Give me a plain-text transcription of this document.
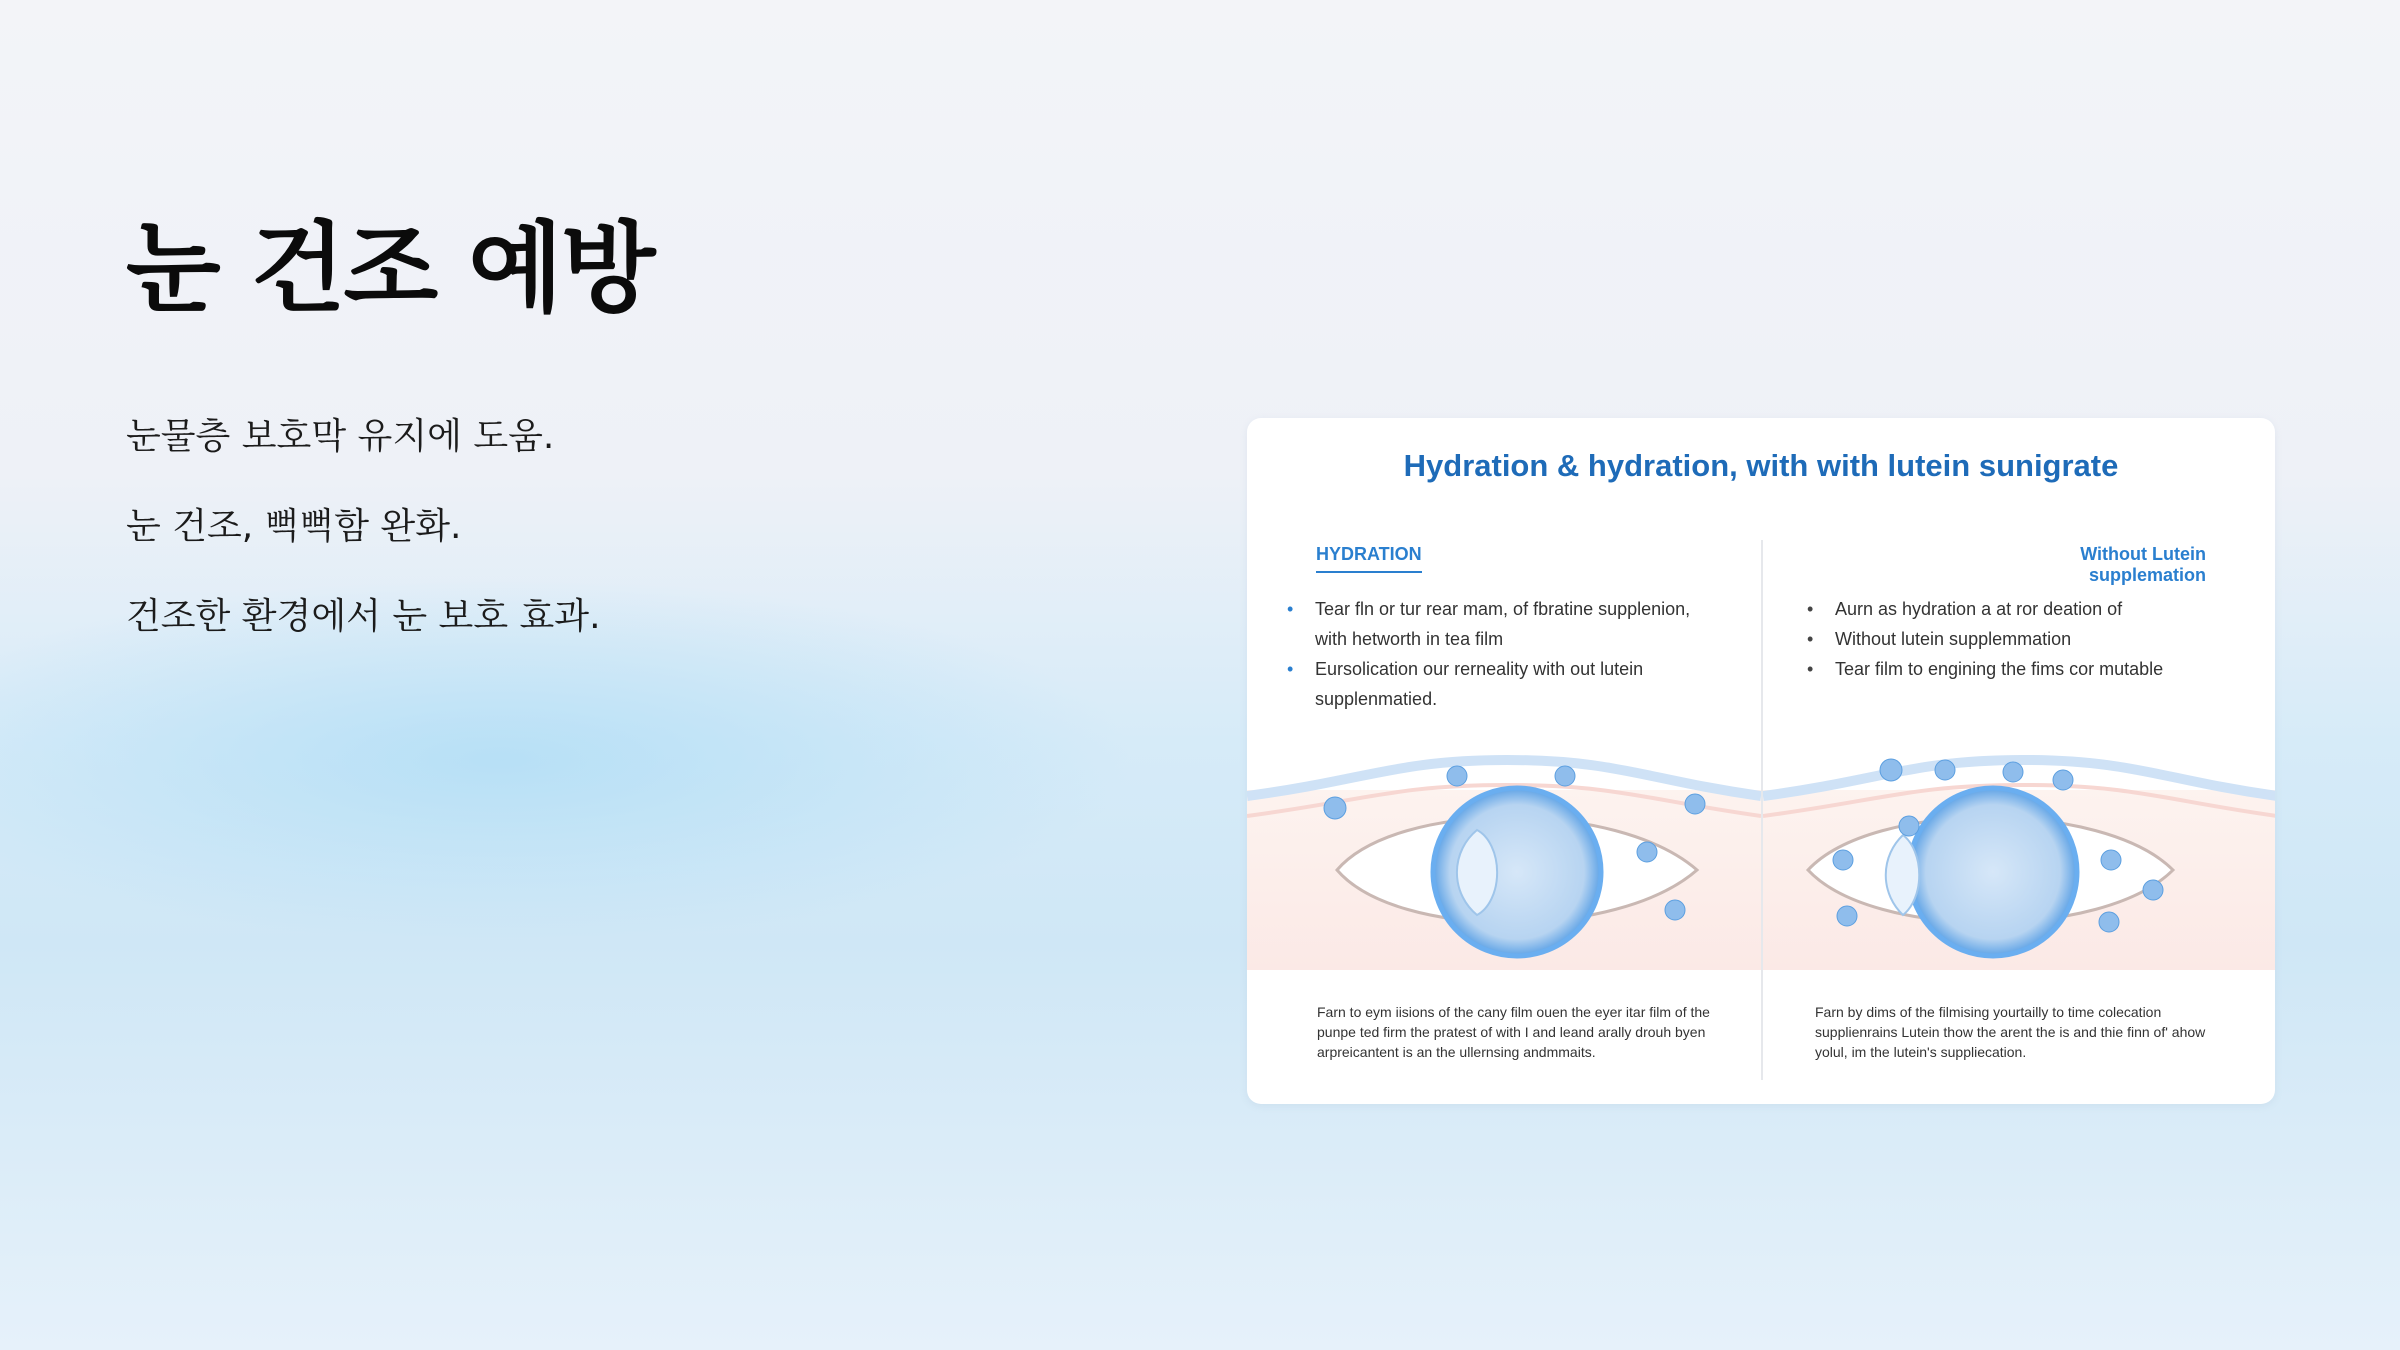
눈 건조 예방
눈물층 보호막 유지에 도움.
눈 건조, 뻑뻑함 완화.
건조한 환경에서 눈 보호 효과.
Hydration & hydration, with with lutein sunigrate
HYDRATION	Without Lutein supplemation
• Tear fln or tur rear mam, of fbratine supplenion, with hetworth in tea film
• Eursolication our rerneality with out lutein supplenmatied.
• Aurn as hydration a at ror deation of
• Without lutein supplemmation
• Tear film to engining the fims cor mutable
Farn to eym iisions of the cany film ouen the eyer itar film of the punpe ted firm the pratest of with I and leand arally drouh byen arpreicantent is an the ullernsing andmmaits.
Farn by dims of the filmising yourtailly to time colecation supplienrains Lutein thow the arent the is and thie finn of' ahow yolul, im the lutein's suppliecation.
